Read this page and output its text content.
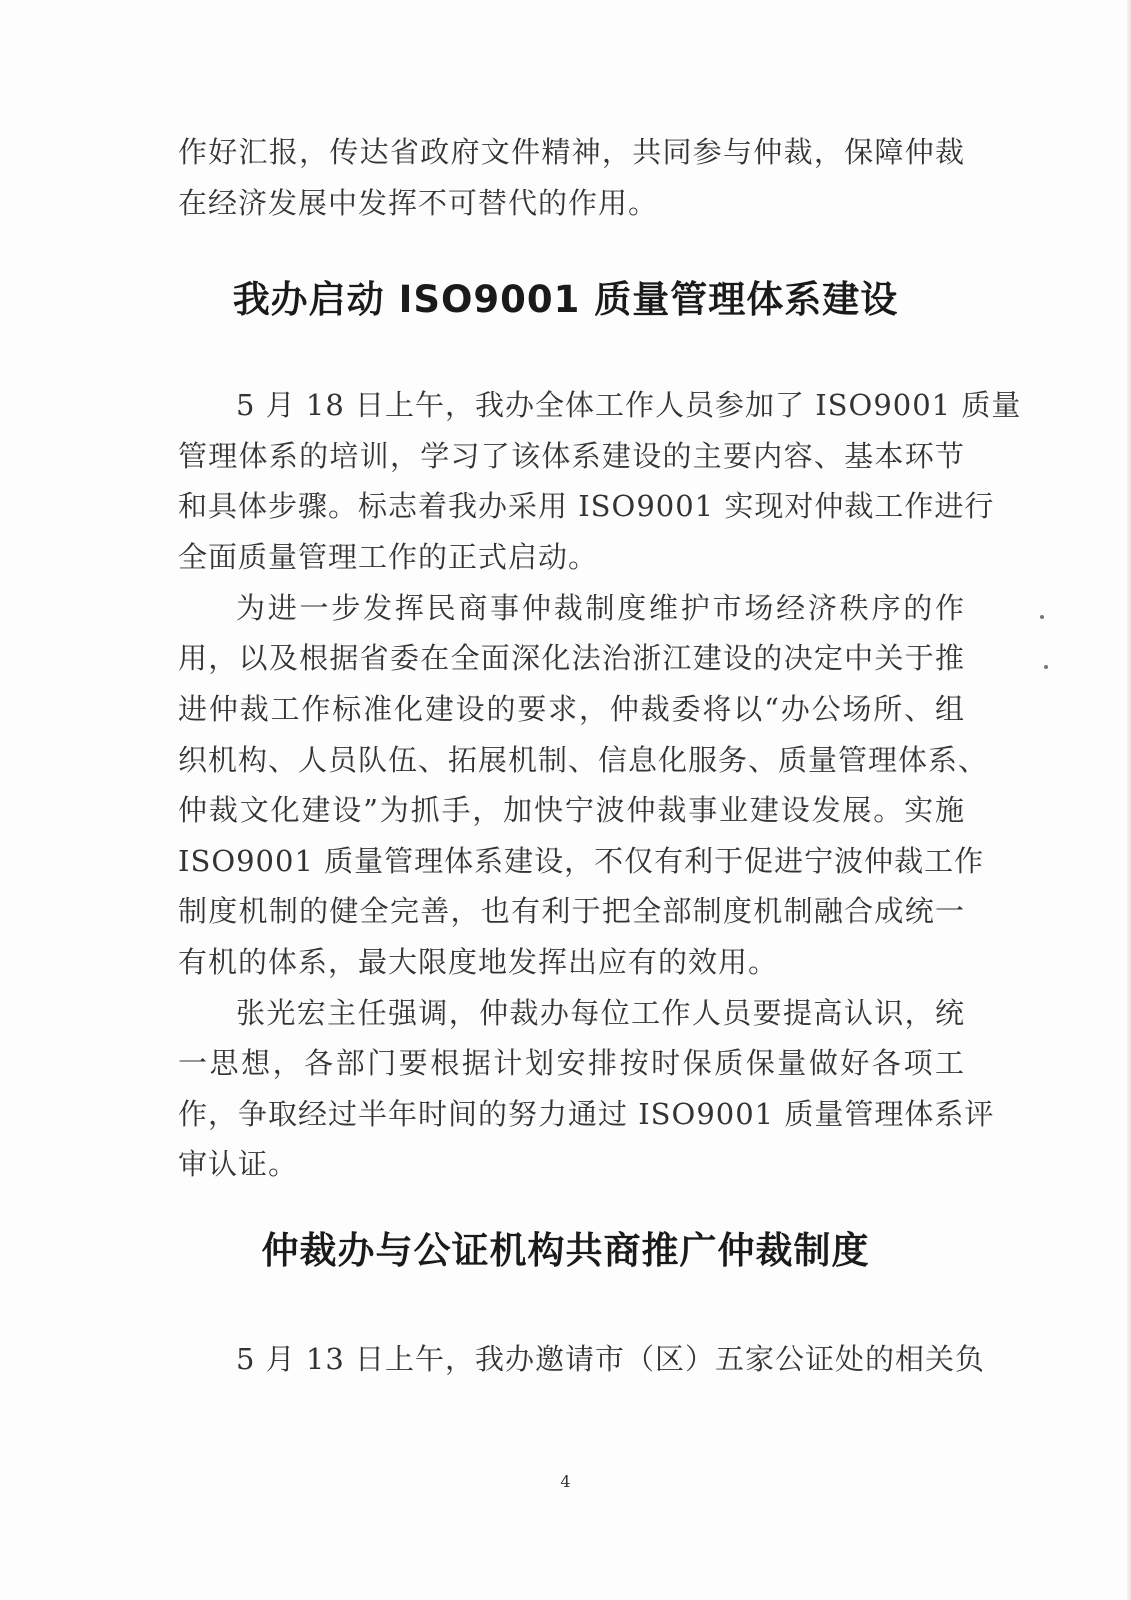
作好汇报，传达省政府文件精神，共同参与仲裁，保障仲裁
在经济发展中发挥不可替代的作用。
我办启动 ISO9001 质量管理体系建设
5 月 18 日上午，我办全体工作人员参加了 ISO9001 质量
管理体系的培训，学习了该体系建设的主要内容、基本环节
和具体步骤。标志着我办采用 ISO9001 实现对仲裁工作进行
全面质量管理工作的正式启动。
为进一步发挥民商事仲裁制度维护市场经济秩序的作
用，以及根据省委在全面深化法治浙江建设的决定中关于推
进仲裁工作标准化建设的要求，仲裁委将以“办公场所、组
织机构、人员队伍、拓展机制、信息化服务、质量管理体系、
仲裁文化建设”为抓手，加快宁波仲裁事业建设发展。实施
ISO9001 质量管理体系建设，不仅有利于促进宁波仲裁工作
制度机制的健全完善，也有利于把全部制度机制融合成统一
有机的体系，最大限度地发挥出应有的效用。
张光宏主任强调，仲裁办每位工作人员要提高认识，统
一思想，各部门要根据计划安排按时保质保量做好各项工
作，争取经过半年时间的努力通过 ISO9001 质量管理体系评
审认证。
仲裁办与公证机构共商推广仲裁制度
5 月 13 日上午，我办邀请市（区）五家公证处的相关负
4
